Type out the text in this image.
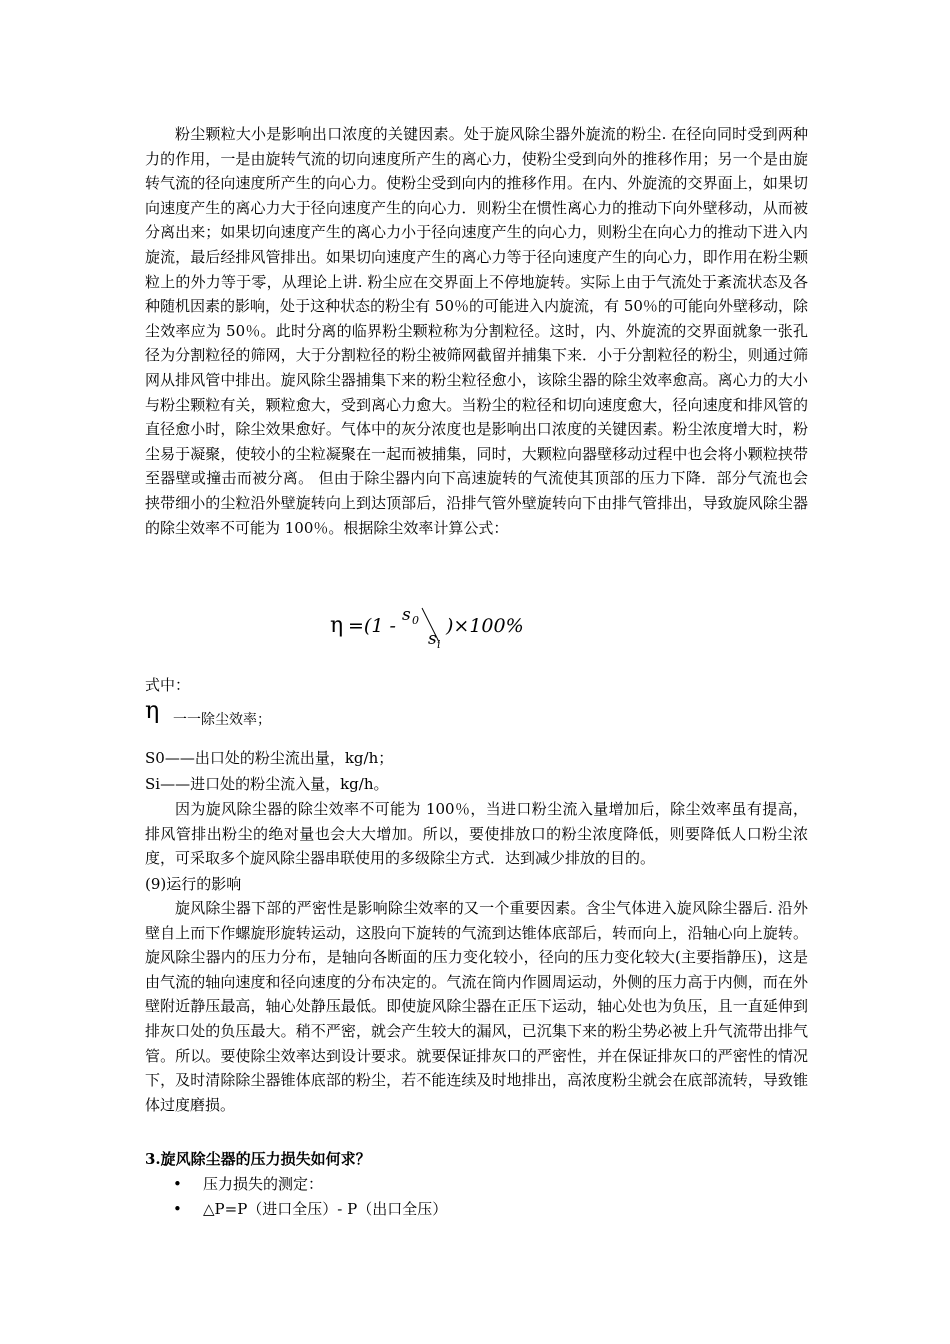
粉尘颗粒大小是影响出口浓度的关键因素。处于旋风除尘器外旋流的粉尘. 在径向同时受到两种力的作用，一是由旋转气流的切向速度所产生的离心力，使粉尘受到向外的推移作用；另一个是由旋转气流的径向速度所产生的向心力。使粉尘受到向内的推移作用。在内、外旋流的交界面上，如果切向速度产生的离心力大于径向速度产生的向心力．则粉尘在惯性离心力的推动下向外壁移动，从而被分离出来；如果切向速度产生的离心力小于径向速度产生的向心力，则粉尘在向心力的推动下进入内旋流，最后经排风管排出。如果切向速度产生的离心力等于径向速度产生的向心力，即作用在粉尘颗粒上的外力等于零，从理论上讲. 粉尘应在交界面上不停地旋转。实际上由于气流处于紊流状态及各种随机因素的影响，处于这种状态的粉尘有 50％的可能进入内旋流，有 50％的可能向外壁移动，除尘效率应为 50％。此时分离的临界粉尘颗粒称为分割粒径。这时，内、外旋流的交界面就象一张孔径为分割粒径的筛网，大于分割粒径的粉尘被筛网截留并捕集下来．小于分割粒径的粉尘，则通过筛网从排风管中排出。旋风除尘器捕集下来的粉尘粒径愈小，该除尘器的除尘效率愈高。离心力的大小与粉尘颗粒有关，颗粒愈大，受到离心力愈大。当粉尘的粒径和切向速度愈大，径向速度和排风管的直径愈小时，除尘效果愈好。气体中的灰分浓度也是影响出口浓度的关键因素。粉尘浓度增大时，粉尘易于凝聚，使较小的尘粒凝聚在一起而被捕集，同时，大颗粒向器壁移动过程中也会将小颗粒挟带至器壁或撞击而被分离。 但由于除尘器内向下高速旋转的气流使其顶部的压力下降．部分气流也会挟带细小的尘粒沿外壁旋转向上到达顶部后，沿排气管外壁旋转向下由排气管排出，导致旋风除尘器的除尘效率不可能为 100％。根据除尘效率计算公式：

η =(1 - s 0
s i
)×100%

式中：

η 一一除尘效率；

S0——出口处的粉尘流出量，kg/h；

Si——进口处的粉尘流入量，kg/h。

因为旋风除尘器的除尘效率不可能为 100％，当进口粉尘流入量增加后，除尘效率虽有提高，排风管排出粉尘的绝对量也会大大增加。所以，要使排放口的粉尘浓度降低，则要降低人口粉尘浓度，可采取多个旋风除尘器串联使用的多级除尘方式．达到减少排放的目的。

(9)运行的影响

旋风除尘器下部的严密性是影响除尘效率的又一个重要因素。含尘气体进入旋风除尘器后. 沿外壁自上而下作螺旋形旋转运动，这股向下旋转的气流到达锥体底部后，转而向上，沿轴心向上旋转。旋风除尘器内的压力分布，是轴向各断面的压力变化较小，径向的压力变化较大(主要指静压)，这是由气流的轴向速度和径向速度的分布决定的。气流在筒内作圆周运动，外侧的压力高于内侧，而在外壁附近静压最高，轴心处静压最低。即使旋风除尘器在正压下运动，轴心处也为负压，且一直延伸到排灰口处的负压最大。稍不严密，就会产生较大的漏风，已沉集下来的粉尘势必被上升气流带出排气管。所以。要使除尘效率达到设计要求。就要保证排灰口的严密性，并在保证排灰口的严密性的情况下，及时清除除尘器锥体底部的粉尘，若不能连续及时地排出，高浓度粉尘就会在底部流转，导致锥体过度磨损。

3.旋风除尘器的压力损失如何求？

• 压力损失的测定：
• △P=P（进口全压）- P（出口全压）
